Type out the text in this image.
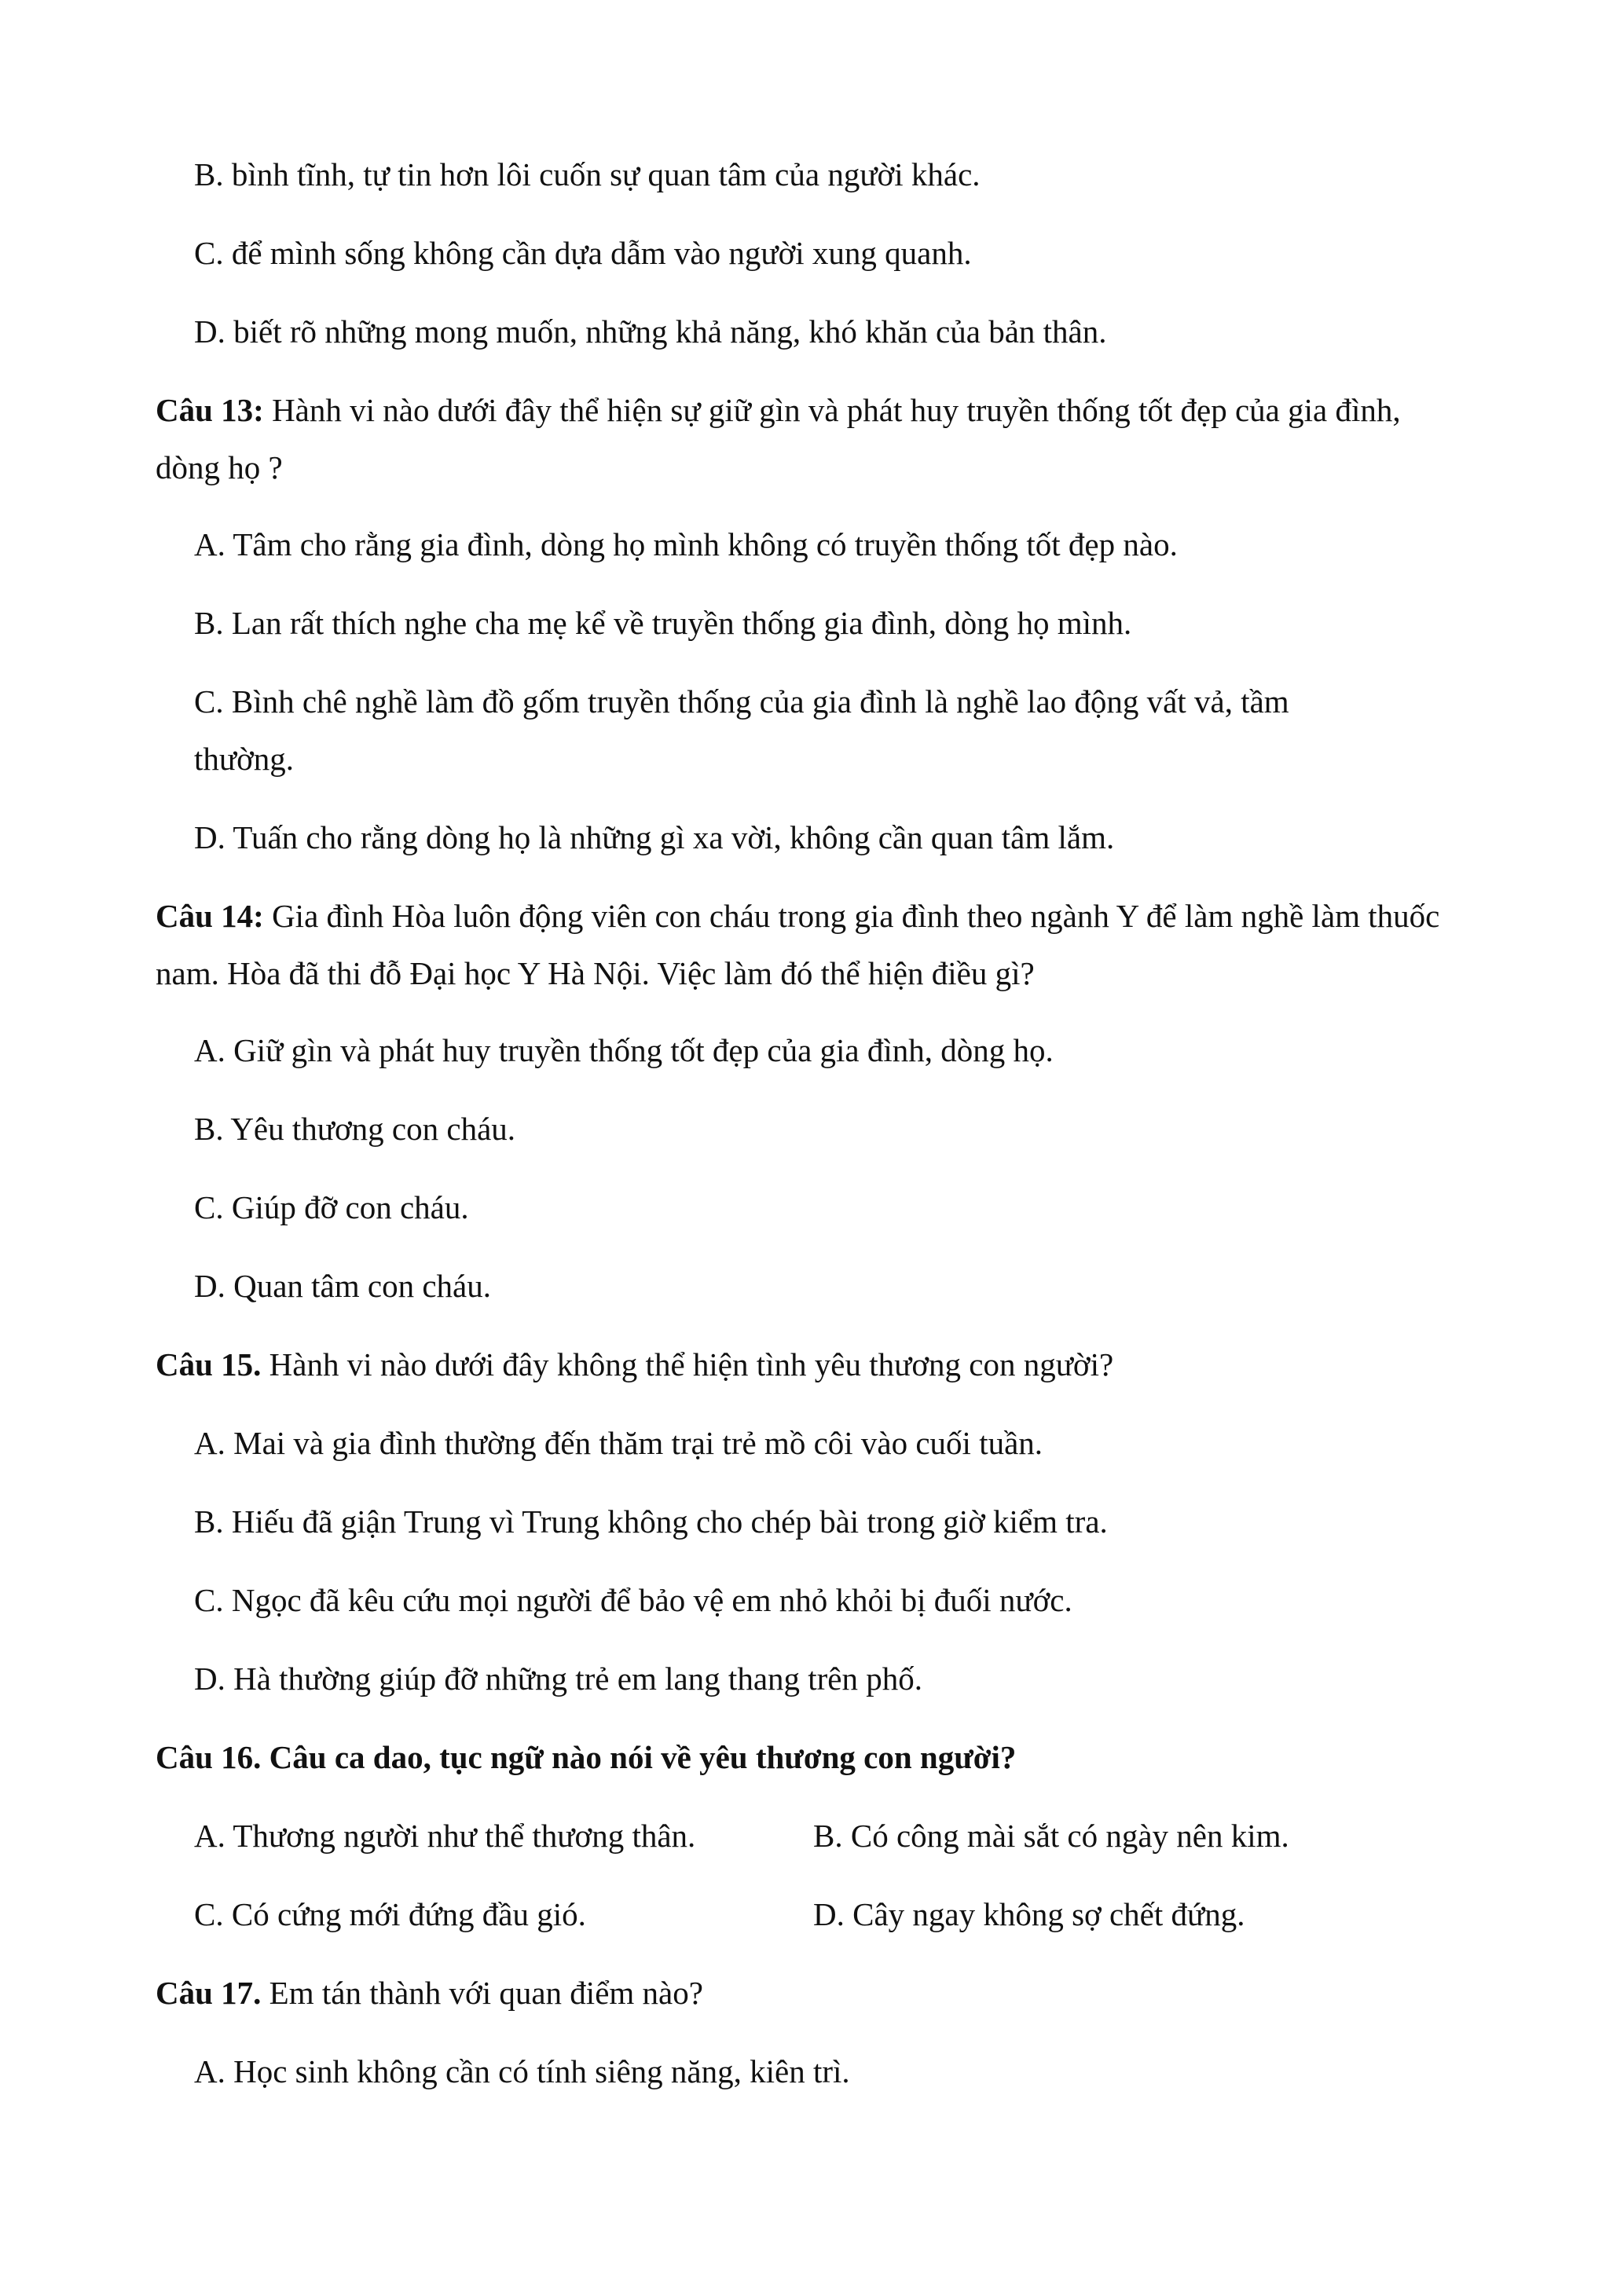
B. bình tĩnh, tự tin hơn lôi cuốn sự quan tâm của người khác.
C. để mình sống không cần dựa dẫm vào người xung quanh.
D. biết rõ những mong muốn, những khả năng, khó khăn của bản thân.
Câu 13: Hành vi nào dưới đây thể hiện sự giữ gìn và phát huy truyền thống tốt đẹp của gia đình,
dòng họ ?
A. Tâm cho rằng gia đình, dòng họ mình không có truyền thống tốt đẹp nào.
B. Lan rất thích nghe cha mẹ kể về truyền thống gia đình, dòng họ mình.
C. Bình chê nghề làm đồ gốm truyền thống của gia đình là nghề lao động vất vả, tầm
thường.
D. Tuấn cho rằng dòng họ là những gì xa vời, không cần quan tâm lắm.
Câu 14: Gia đình Hòa luôn động viên con cháu trong gia đình theo ngành Y để làm nghề làm thuốc
nam. Hòa đã thi đỗ Đại học Y Hà Nội. Việc làm đó thể hiện điều gì?
A. Giữ gìn và phát huy truyền thống tốt đẹp của gia đình, dòng họ.
B. Yêu thương con cháu.
C. Giúp đỡ con cháu.
D. Quan tâm con cháu.
Câu 15. Hành vi nào dưới đây không thể hiện tình yêu thương con người?
A. Mai và gia đình thường đến thăm trại trẻ mồ côi vào cuối tuần.
B. Hiếu đã giận Trung vì Trung không cho chép bài trong giờ kiểm tra.
C. Ngọc đã kêu cứu mọi người để bảo vệ em nhỏ khỏi bị đuối nước.
D. Hà thường giúp đỡ những trẻ em lang thang trên phố.
Câu 16. Câu ca dao, tục ngữ nào nói về yêu thương con người?
A. Thương người như thể thương thân.	B. Có công mài sắt có ngày nên kim.
C. Có cứng mới đứng đầu gió.	D. Cây ngay không sợ chết đứng.
Câu 17. Em tán thành với quan điểm nào?
A. Học sinh không cần có tính siêng năng, kiên trì.
